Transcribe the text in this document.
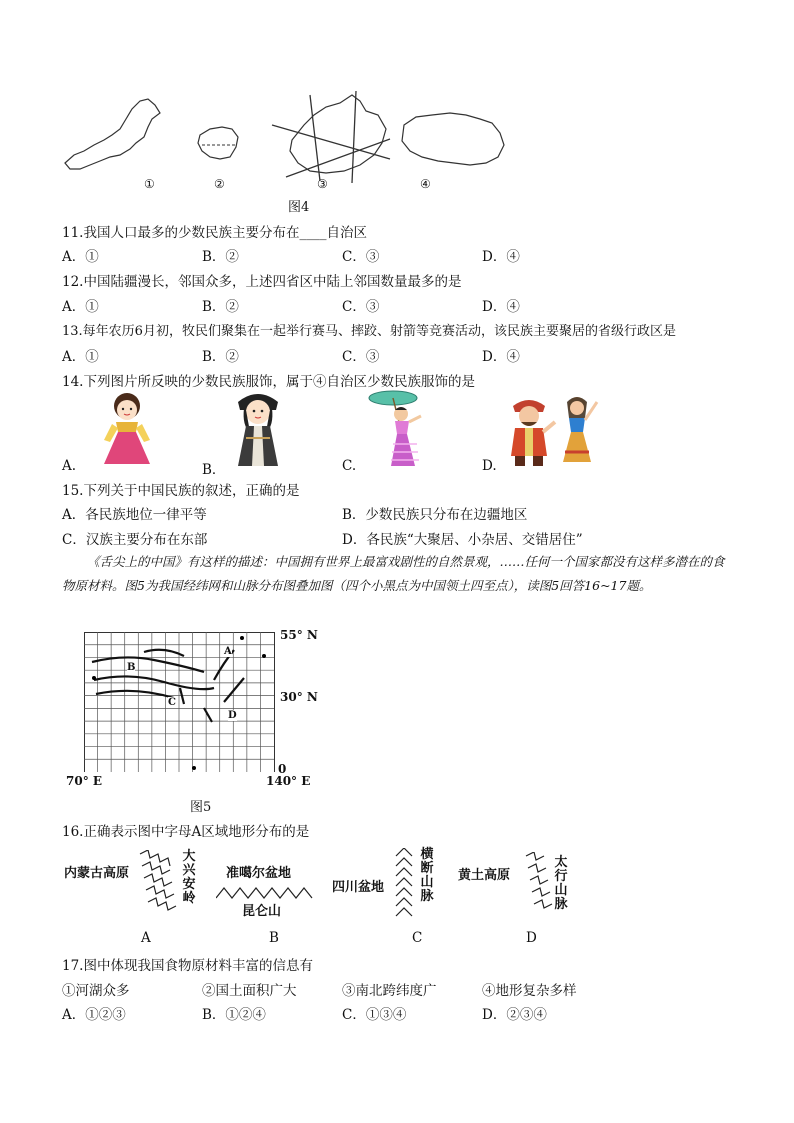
①	②	③	④
图4
11.我国人口最多的少数民族主要分布在____自治区
A．①	B．②	C．③	D．④
12.中国陆疆漫长，邻国众多，上述四省区中陆上邻国数量最多的是
A．①	B．②	C．③	D．④
13.每年农历6月初，牧民们聚集在一起举行赛马、摔跤、射箭等竞赛活动，该民族主要聚居的省级行政区是
A．①	B．②	C．③	D．④
14.下列图片所反映的少数民族服饰，属于④自治区少数民族服饰的是
A.	B．	C.	D.
15.下列关于中国民族的叙述，正确的是
A．各民族地位一律平等	B．少数民族只分布在边疆地区
C．汉族主要分布在东部	D．各民族“大聚居、小杂居、交错居住”
《舌尖上的中国》有这样的描述：中国拥有世界上最富戏剧性的自然景观，……任何一个国家都没有这样多潜在的食物原材料。图5为我国经纬网和山脉分布图叠加图（四个小黑点为中国领土四至点），读图5回答16~17题。
55° N
30° N
0
70° E	140° E
A
B
C
D
图5
16.正确表示图中字母A区域地形分布的是
内蒙古高原
大兴安岭
A
准噶尔盆地
昆仑山
B
四川盆地
横断山脉
C
黄土高原
太行山脉
D
17.图中体现我国食物原材料丰富的信息有
①河湖众多	②国土面积广大	③南北跨纬度广	④地形复杂多样
A．①②③	B．①②④	C．①③④	D．②③④
